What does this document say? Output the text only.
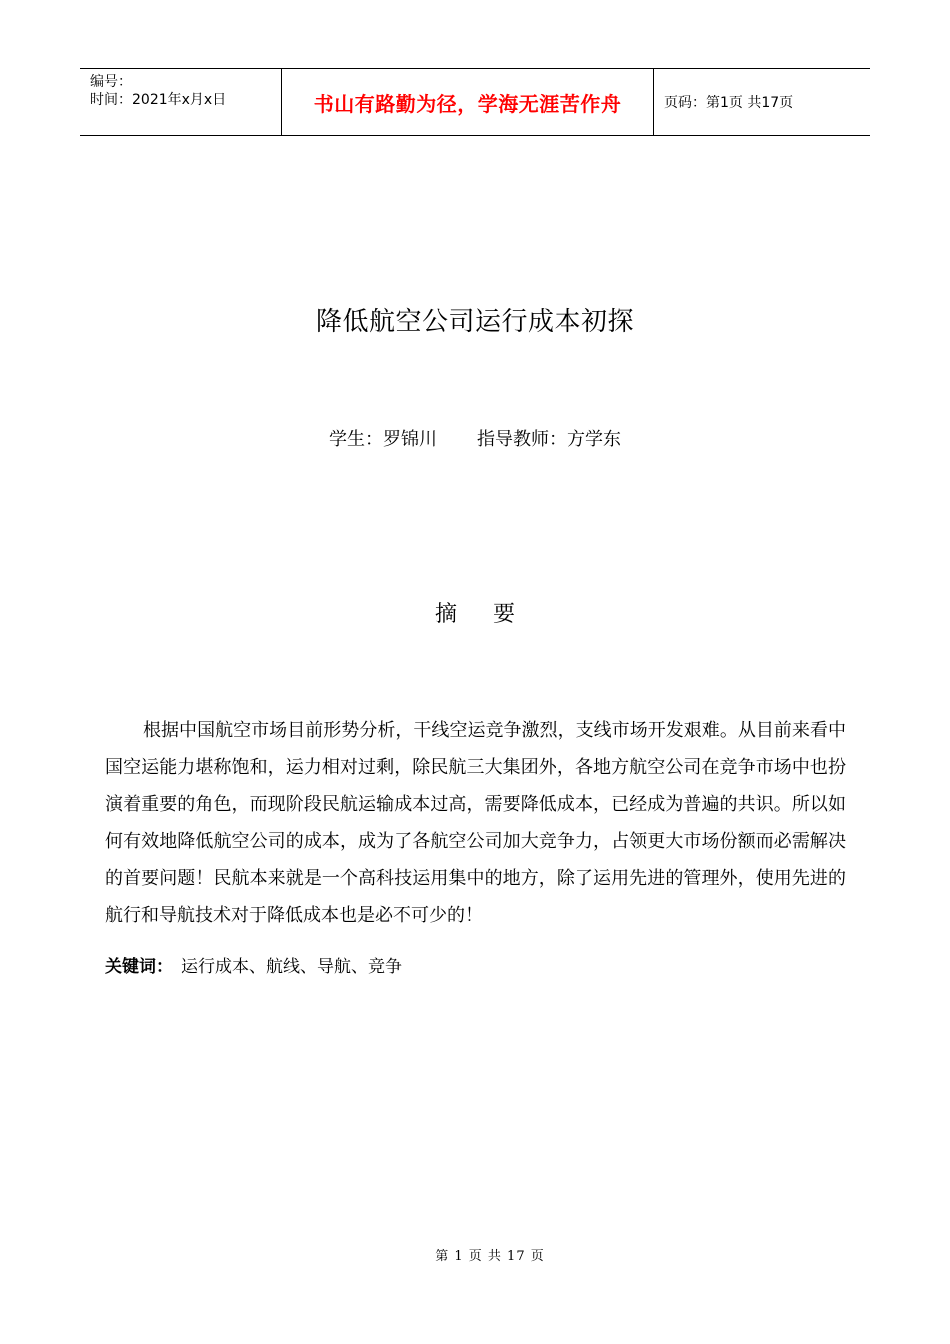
编号：
时间：2021年x月x日	书山有路勤为径，学海无涯苦作舟	页码：第1页 共17页
降低航空公司运行成本初探
学生：罗锦川 指导教师：方学东
摘要
根据中国航空市场目前形势分析，干线空运竞争激烈，支线市场开发艰难。从目前来看中国空运能力堪称饱和，运力相对过剩，除民航三大集团外，各地方航空公司在竞争市场中也扮演着重要的角色，而现阶段民航运输成本过高，需要降低成本，已经成为普遍的共识。所以如何有效地降低航空公司的成本，成为了各航空公司加大竞争力，占领更大市场份额而必需解决的首要问题！民航本来就是一个高科技运用集中的地方，除了运用先进的管理外，使用先进的航行和导航技术对于降低成本也是必不可少的！
关键词： 运行成本、航线、导航、竞争
第 1 页 共 17 页
